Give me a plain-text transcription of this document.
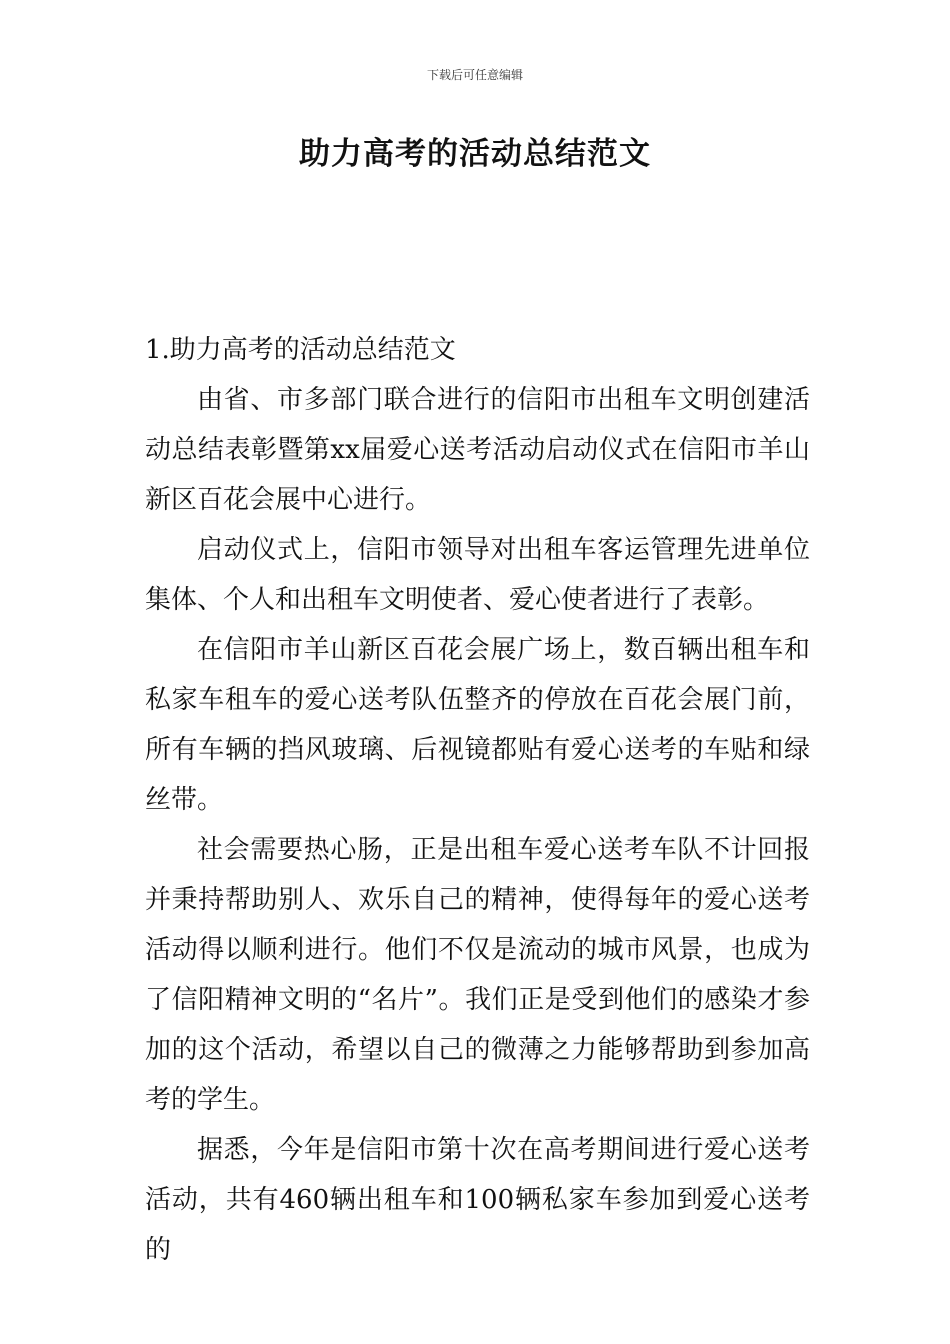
下载后可任意编辑
助力高考的活动总结范文

1.助力高考的活动总结范文

由省、市多部门联合进行的信阳市出租车文明创建活动总结表彰暨第xx届爱心送考活动启动仪式在信阳市羊山新区百花会展中心进行。

启动仪式上，信阳市领导对出租车客运管理先进单位集体、个人和出租车文明使者、爱心使者进行了表彰。

在信阳市羊山新区百花会展广场上，数百辆出租车和私家车租车的爱心送考队伍整齐的停放在百花会展门前，所有车辆的挡风玻璃、后视镜都贴有爱心送考的车贴和绿丝带。

社会需要热心肠，正是出租车爱心送考车队不计回报并秉持帮助别人、欢乐自己的精神，使得每年的爱心送考活动得以顺利进行。他们不仅是流动的城市风景，也成为了信阳精神文明的“名片”。我们正是受到他们的感染才参加的这个活动，希望以自己的微薄之力能够帮助到参加高考的学生。

据悉，今年是信阳市第十次在高考期间进行爱心送考活动，共有460辆出租车和100辆私家车参加到爱心送考的
